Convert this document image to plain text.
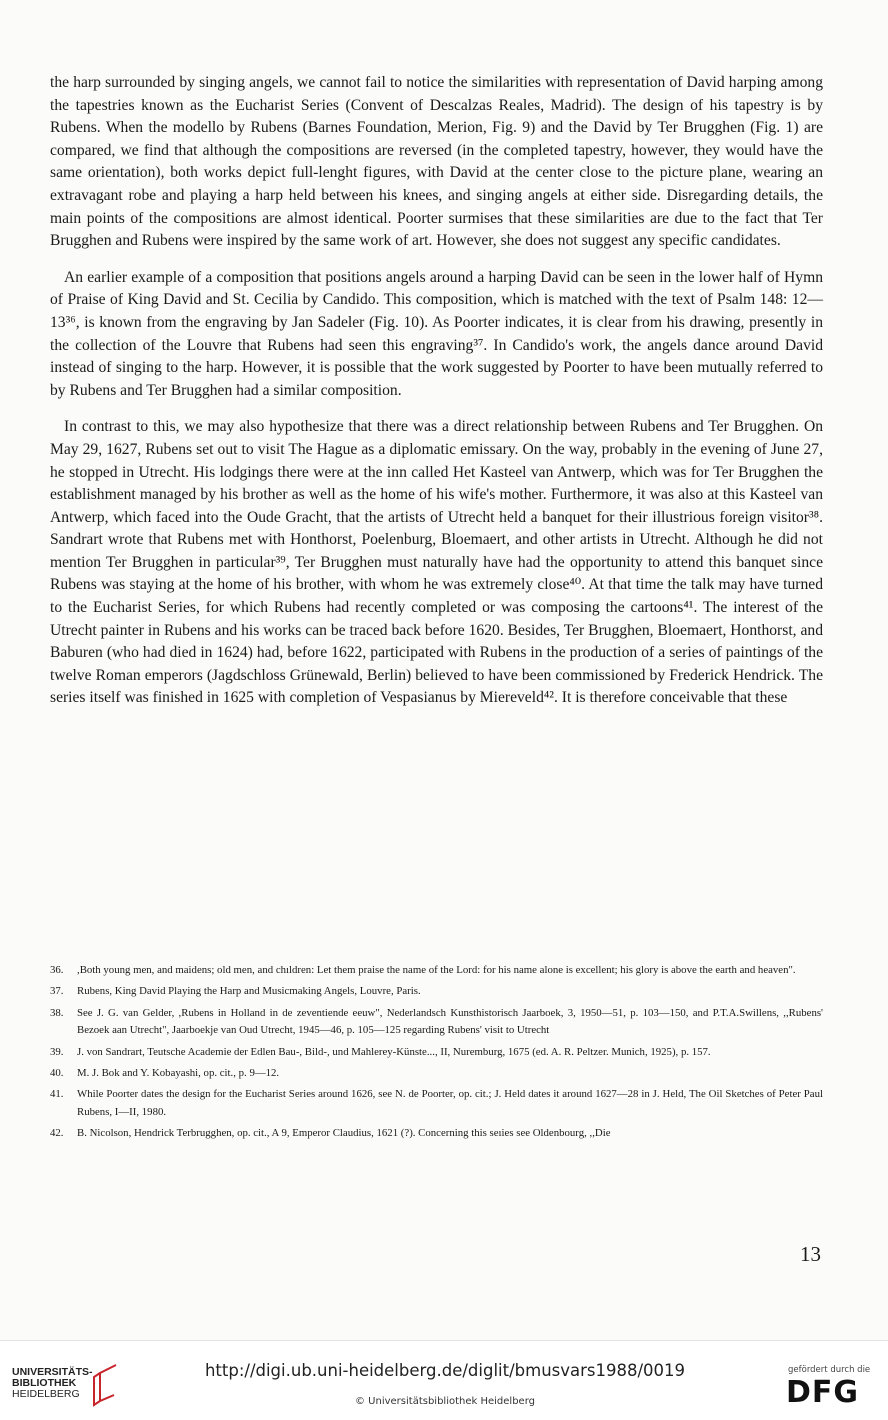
the harp surrounded by singing angels, we cannot fail to notice the similarities with representation of David harping among the tapestries known as the Eucharist Series (Convent of Descalzas Reales, Madrid). The design of his tapestry is by Rubens. When the modello by Rubens (Barnes Foundation, Merion, Fig. 9) and the David by Ter Brugghen (Fig. 1) are compared, we find that although the compositions are reversed (in the completed tapestry, however, they would have the same orientation), both works depict full-lenght figures, with David at the center close to the picture plane, wearing an extravagant robe and playing a harp held between his knees, and singing angels at either side. Disregarding details, the main points of the compositions are almost identical. Poorter surmises that these similarities are due to the fact that Ter Brugghen and Rubens were inspired by the same work of art. However, she does not suggest any specific candidates.

An earlier example of a composition that positions angels around a harping David can be seen in the lower half of Hymn of Praise of King David and St. Cecilia by Candido. This composition, which is matched with the text of Psalm 148: 12—13³⁶, is known from the engraving by Jan Sadeler (Fig. 10). As Poorter indicates, it is clear from his drawing, presently in the collection of the Louvre that Rubens had seen this engraving³⁷. In Candido's work, the angels dance around David instead of singing to the harp. However, it is possible that the work suggested by Poorter to have been mutually referred to by Rubens and Ter Brugghen had a similar composition.

In contrast to this, we may also hypothesize that there was a direct relationship between Rubens and Ter Brugghen. On May 29, 1627, Rubens set out to visit The Hague as a diplomatic emissary. On the way, probably in the evening of June 27, he stopped in Utrecht. His lodgings there were at the inn called Het Kasteel van Antwerp, which was for Ter Brugghen the establishment managed by his brother as well as the home of his wife's mother. Furthermore, it was also at this Kasteel van Antwerp, which faced into the Oude Gracht, that the artists of Utrecht held a banquet for their illustrious foreign visitor³⁸. Sandrart wrote that Rubens met with Honthorst, Poelenburg, Bloemaert, and other artists in Utrecht. Although he did not mention Ter Brugghen in particular³⁹, Ter Brugghen must naturally have had the opportunity to attend this banquet since Rubens was staying at the home of his brother, with whom he was extremely close⁴⁰. At that time the talk may have turned to the Eucharist Series, for which Rubens had recently completed or was composing the cartoons⁴¹. The interest of the Utrecht painter in Rubens and his works can be traced back before 1620. Besides, Ter Brugghen, Bloemaert, Honthorst, and Baburen (who had died in 1624) had, before 1622, participated with Rubens in the production of a series of paintings of the twelve Roman emperors (Jagdschloss Grünewald, Berlin) believed to have been commissioned by Frederick Hendrick. The series itself was finished in 1625 with completion of Vespasianus by Miereveld⁴². It is therefore conceivable that these

36.	,Both young men, and maidens; old men, and chıldren: Let them praise the name of the Lord: for his name alone is excellent; his glory is above the earth and heaven".
37.	Rubens, King David Playing the Harp and Musicmaking Angels, Louvre, Paris.
38.	See J. G. van Gelder, ,Rubens in Holland in de zeventiende eeuw", Nederlandsch Kunsthistorisch Jaarboek, 3, 1950—51, p. 103—150, and P.T.A.Swillens, ,,Rubens' Bezoek aan Utrecht", Jaarboekje van Oud Utrecht, 1945—46, p. 105—125 regarding Rubens' visit to Utrecht
39.	J. von Sandrart, Teutsche Academie der Edlen Bau-, Bild-, und Mahlerey-Künste..., II, Nuremburg, 1675 (ed. A. R. Peltzer. Munich, 1925), p. 157.
40.	M. J. Bok and Y. Kobayashi, op. cit., p. 9—12.
41.	While Poorter dates the design for the Eucharist Series around 1626, see N. de Poorter, op. cit.; J. Held dates it around 1627—28 in J. Held, The Oil Sketches of Peter Paul Rubens, I—II, 1980.
42.	B. Nicolson, Hendrick Terbrugghen, op. cit., A 9, Emperor Claudius, 1621 (?). Concerning this seıies see Oldenbourg, ,,Die
13
UNIVERSITÄTS-
BIBLIOTHEK
HEIDELBERG
http://digi.ub.uni-heidelberg.de/diglit/bmusvars1988/0019
© Universitätsbibliothek Heidelberg
gefördert durch die
DFG
